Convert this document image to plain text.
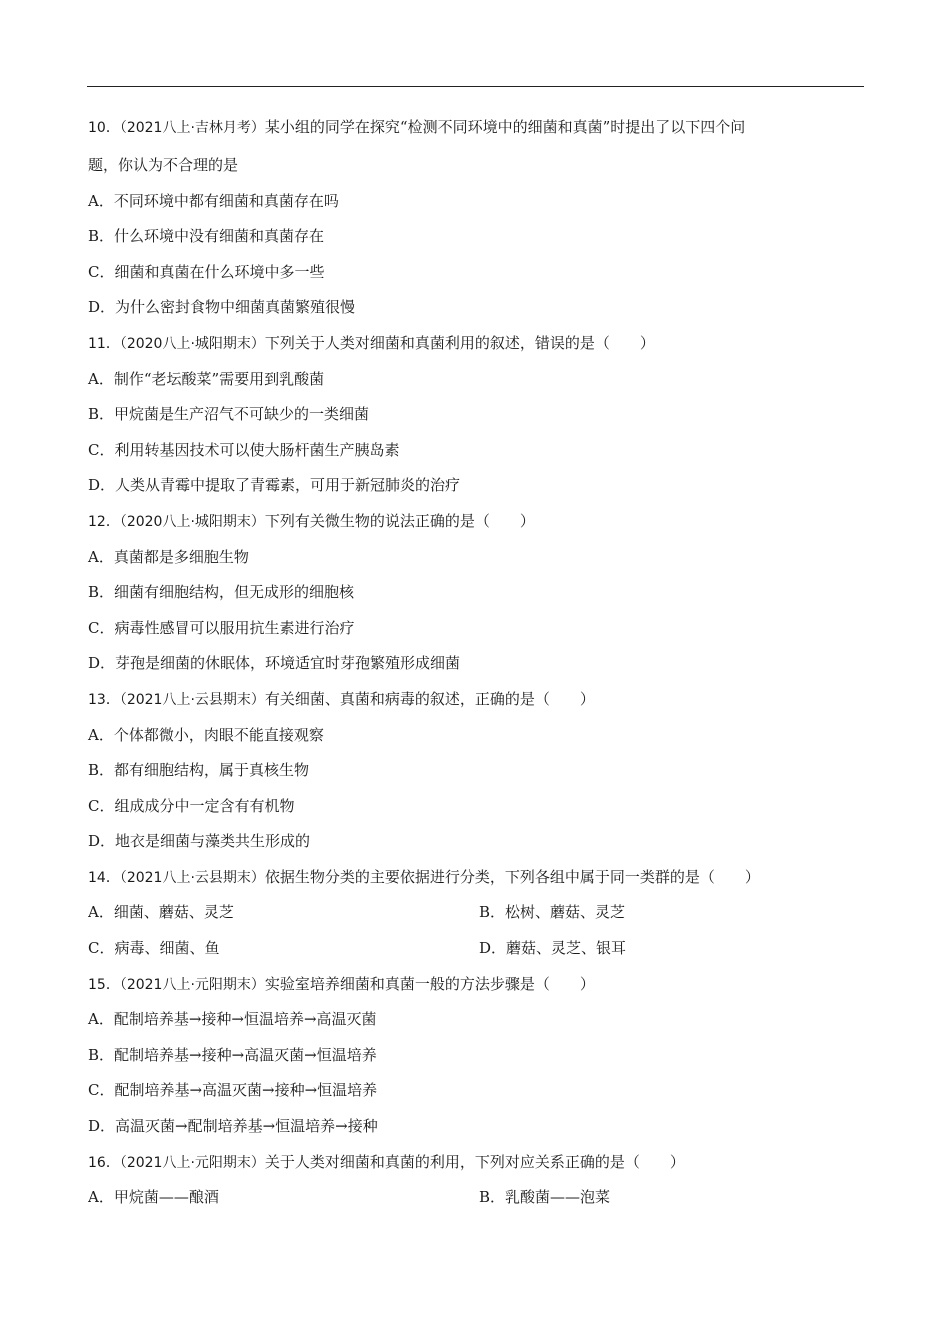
10．（2021八上·吉林月考）某小组的同学在探究“检测不同环境中的细菌和真菌”时提出了以下四个问
题，你认为不合理的是
A．不同环境中都有细菌和真菌存在吗
B．什么环境中没有细菌和真菌存在
C．细菌和真菌在什么环境中多一些
D．为什么密封食物中细菌真菌繁殖很慢
11．（2020八上·城阳期末）下列关于人类对细菌和真菌利用的叙述，错误的是（　　）
A．制作“老坛酸菜”需要用到乳酸菌
B．甲烷菌是生产沼气不可缺少的一类细菌
C．利用转基因技术可以使大肠杆菌生产胰岛素
D．人类从青霉中提取了青霉素，可用于新冠肺炎的治疗
12．（2020八上·城阳期末）下列有关微生物的说法正确的是（　　）
A．真菌都是多细胞生物
B．细菌有细胞结构，但无成形的细胞核
C．病毒性感冒可以服用抗生素进行治疗
D．芽孢是细菌的休眠体，环境适宜时芽孢繁殖形成细菌
13．（2021八上·云县期末）有关细菌、真菌和病毒的叙述，正确的是（　　）
A．个体都微小，肉眼不能直接观察
B．都有细胞结构，属于真核生物
C．组成成分中一定含有有机物
D．地衣是细菌与藻类共生形成的
14．（2021八上·云县期末）依据生物分类的主要依据进行分类，下列各组中属于同一类群的是（　　）
A．细菌、蘑菇、灵芝	B．松树、蘑菇、灵芝
C．病毒、细菌、鱼	D．蘑菇、灵芝、银耳
15．（2021八上·元阳期末）实验室培养细菌和真菌一般的方法步骤是（　　）
A．配制培养基→接种→恒温培养→高温灭菌
B．配制培养基→接种→高温灭菌→恒温培养
C．配制培养基→高温灭菌→接种→恒温培养
D．高温灭菌→配制培养基→恒温培养→接种
16．（2021八上·元阳期末）关于人类对细菌和真菌的利用，下列对应关系正确的是（　　）
A．甲烷菌——酿酒	B．乳酸菌——泡菜
